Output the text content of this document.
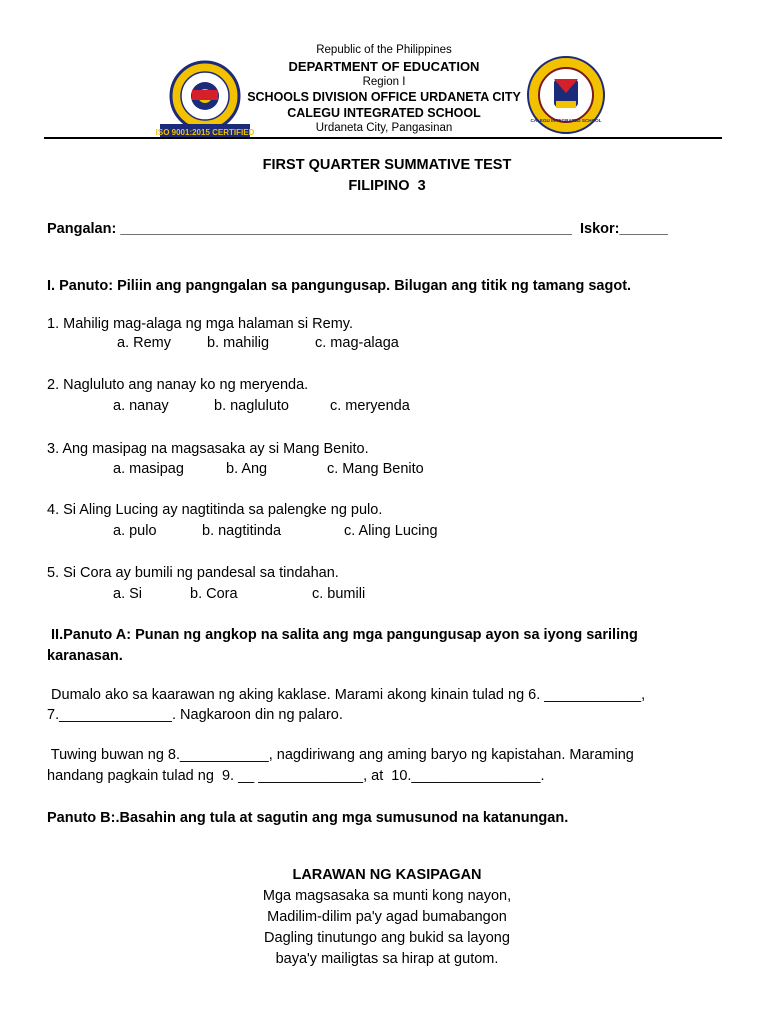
ISO 9001:2015 CERTIFIED
CALEGU INTEGRATED SCHOOL
Republic of the Philippines
DEPARTMENT OF EDUCATION
Region I
SCHOOLS DIVISION OFFICE URDANETA CITY
CALEGU INTEGRATED SCHOOL
Urdaneta City, Pangasinan
FIRST QUARTER SUMMATIVE TEST
FILIPINO  3
Pangalan: ________________________________________________________  Iskor:______
I. Panuto: Piliin ang pangngalan sa pangungusap. Bilugan ang titik ng tamang sagot.
1. Mahilig mag-alaga ng mga halaman si Remy.
a. Remy b. mahilig	c. mag-alaga
2. Nagluluto ang nanay ko ng meryenda.
a. nanay	b. nagluluto	c. meryenda
3. Ang masipag na magsasaka ay si Mang Benito.
a. masipag	b. Ang	c. Mang Benito
4. Si Aling Lucing ay nagtitinda sa palengke ng pulo.
a. pulo	b. nagtitinda	c. Aling Lucing
5. Si Cora ay bumili ng pandesal sa tindahan.
a. Si	b. Cora	c. bumili
II.Panuto A: Punan ng angkop na salita ang mga pangungusap ayon sa iyong sariling
karanasan.
Dumalo ako sa kaarawan ng aking kaklase. Marami akong kinain tulad ng 6. ____________,
7.______________. Nagkaroon din ng palaro.
Tuwing buwan ng 8.___________, nagdiriwang ang aming baryo ng kapistahan. Maraming
handang pagkain tulad ng  9. __ _____________, at  10.________________.
Panuto B:.Basahin ang tula at sagutin ang mga sumusunod na katanungan.
LARAWAN NG KASIPAGAN
Mga magsasaka sa munti kong nayon,
Madilim-dilim pa'y agad bumabangon
Dagling tinutungo ang bukid sa layong
baya'y mailigtas sa hirap at gutom.
